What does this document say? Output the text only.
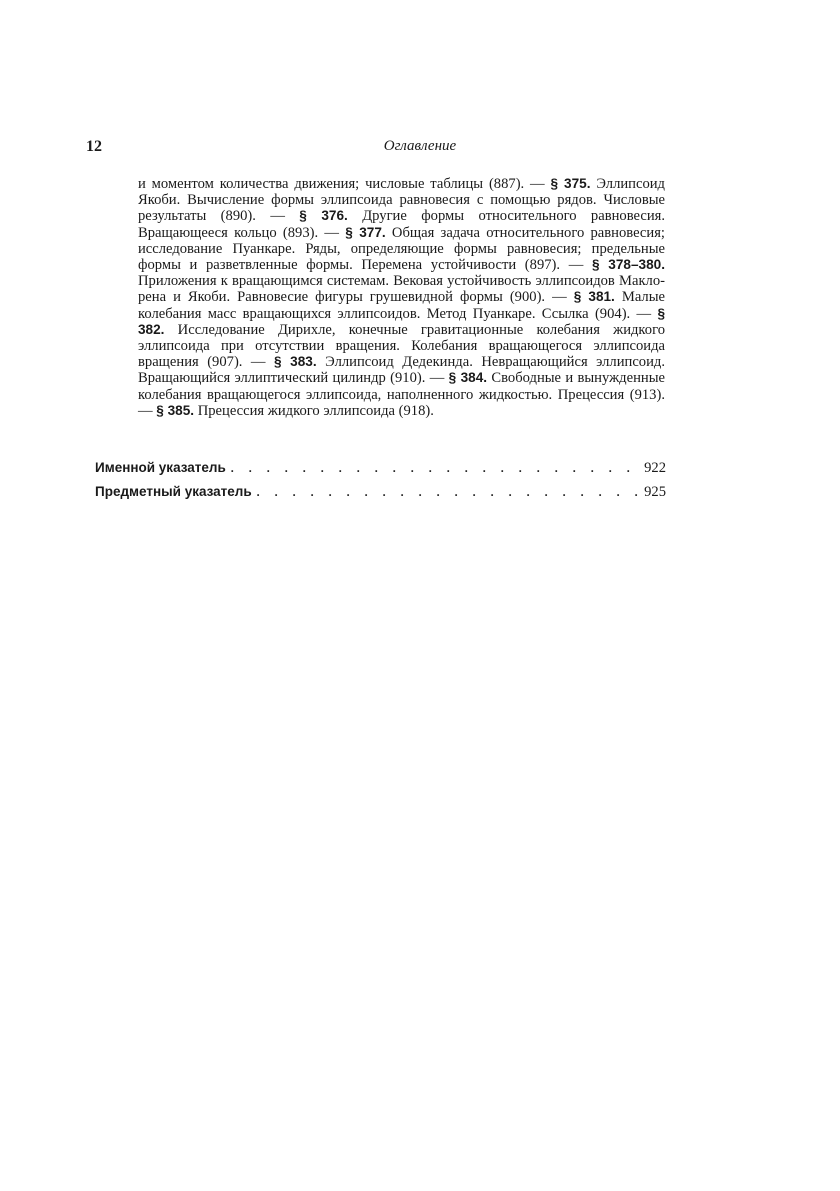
12	Оглавление

и моментом количества движения; числовые таблицы (887). — § 375. Эллипсоид Якоби. Вычисление формы эллипсоида равновесия с помощью рядов. Числовые результаты (890). — § 376. Другие формы относительного равновесия. Вращающееся кольцо (893). — § 377. Общая задача относительного равновесия; исследование Пуанкаре. Ряды, определяющие формы равновесия; предельные формы и разветвленные формы. Перемена устойчивости (897). — § 378–380. Приложения к вращающимся системам. Вековая устойчивость эллипсоидов Маклорена и Якоби. Равновесие фигуры грушевидной формы (900). — § 381. Малые колебания масс вращающихся эллипсоидов. Метод Пуанкаре. Ссылка (904). — § 382. Исследование Дирихле, конечные гравитационные колебания жидкого эллипсоида при отсутствии вращения. Колебания вращающегося эллипсоида вращения (907). — § 383. Эллипсоид Дедекинда. Невращающийся эллипсоид. Вращающийся эллиптический цилиндр (910). — § 384. Свободные и вынужденные колебания вращающегося эллипсоида, наполненного жидкостью. Прецессия (913). — § 385. Прецессия жидкого эллипсоида (918).

Именной указатель . . .	922
Предметный указатель . . .	925
